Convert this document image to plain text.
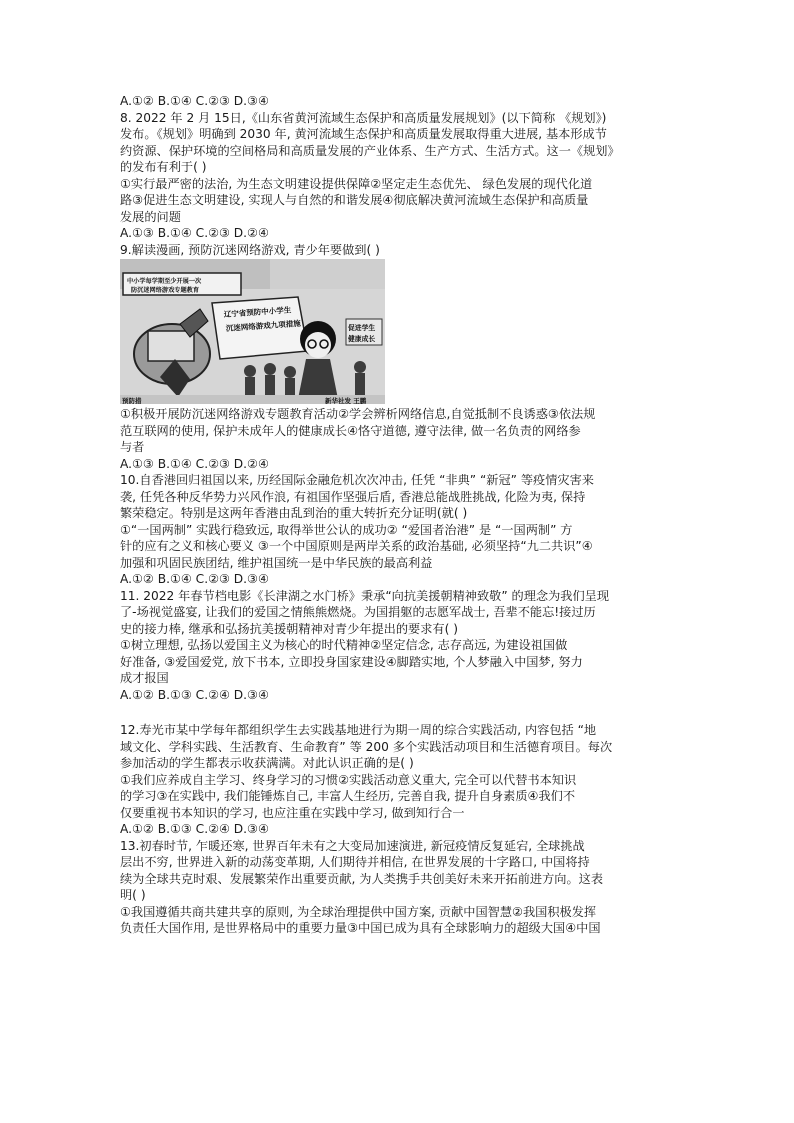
A.①② B.①④ C.②③ D.③④
8. 2022 年 2 月 15日,《山东省黄河流域生态保护和高质量发展规划》(以下简称 《规划》)
发布。《规划》明确到 2030 年, 黄河流域生态保护和高质量发展取得重大进展, 基本形成节
约资源、保护环境的空间格局和高质量发展的产业体系、生产方式、生活方式。这一《规划》
的发布有利于( )
①实行最严密的法治, 为生态文明建设提供保障②坚定走生态优先、 绿色发展的现代化道
路③促进生态文明建设, 实现人与自然的和谐发展④彻底解决黄河流域生态保护和高质量
发展的问题
A.①③ B.①④ C.②③ D.②④
9.解读漫画, 预防沉迷网络游戏, 青少年要做到( )
中小学每学期至少开展一次
防沉迷网络游戏专题教育
辽宁省预防中小学生
沉迷网络游戏九项措施	促进学生
健康成长
预防措	新华社发 王鹏
①积极开展防沉迷网络游戏专题教育活动②学会辨析网络信息,自觉抵制不良诱惑③依法规
范互联网的使用, 保护未成年人的健康成长④恪守道德, 遵守法律, 做一名负责的网络参
与者
A.①③ B.①④ C.②③ D.②④
10.自香港回归祖国以来, 历经国际金融危机次次冲击, 任凭 “非典” “新冠” 等疫情灾害来
袭, 任凭各种反华势力兴风作浪, 有祖国作坚强后盾, 香港总能战胜挑战, 化险为夷, 保持
繁荣稳定。特别是这两年香港由乱到治的重大转折充分证明(就( )
①“一国两制” 实践行稳致远, 取得举世公认的成功② “爱国者治港” 是 “一国两制” 方
针的应有之义和核心要义 ③一个中国原则是两岸关系的政治基础, 必须坚持“九二共识”④
加强和巩固民族团结, 维护祖国统一是中华民族的最高利益
A.①② B.①④ C.②③ D.③④
11. 2022 年春节档电影《长津湖之水门桥》秉承“向抗美援朝精神致敬” 的理念为我们呈现
了-场视觉盛宴, 让我们的爱国之情熊熊燃烧。为国捐躯的志愿军战士, 吾辈不能忘!接过历
史的接力棒, 继承和弘扬抗美援朝精神对青少年提出的要求有( )
①树立理想, 弘扬以爱国主义为核心的时代精神②坚定信念, 志存高远, 为建设祖国做
好准备, ③爱国爱党, 放下书本, 立即投身国家建设④脚踏实地, 个人梦融入中国梦, 努力
成才报国
A.①② B.①③ C.②④ D.③④
12.寿光市某中学每年都组织学生去实践基地进行为期一周的综合实践活动, 内容包括 “地
域文化、学科实践、生活教育、生命教育” 等 200 多个实践活动项目和生活德育项目。每次
参加活动的学生都表示收获满满。对此认识正确的是( )
①我们应养成自主学习、终身学习的习惯②实践活动意义重大, 完全可以代替书本知识
的学习③在实践中, 我们能锤炼自己, 丰富人生经历, 完善自我, 提升自身素质④我们不
仅要重视书本知识的学习, 也应注重在实践中学习, 做到知行合一
A.①② B.①③ C.②④ D.③④
13.初春时节, 乍暖还寒, 世界百年未有之大变局加速演进, 新冠疫情反复延宕, 全球挑战
层出不穷, 世界进入新的动荡变革期, 人们期待并相信, 在世界发展的十字路口, 中国将持
续为全球共克时艰、发展繁荣作出重要贡献, 为人类携手共创美好未来开拓前进方向。这表
明( )
①我国遵循共商共建共享的原则, 为全球治理提供中国方案, 贡献中国智慧②我国积极发挥
负责任大国作用, 是世界格局中的重要力量③中国已成为具有全球影响力的超级大国④中国
